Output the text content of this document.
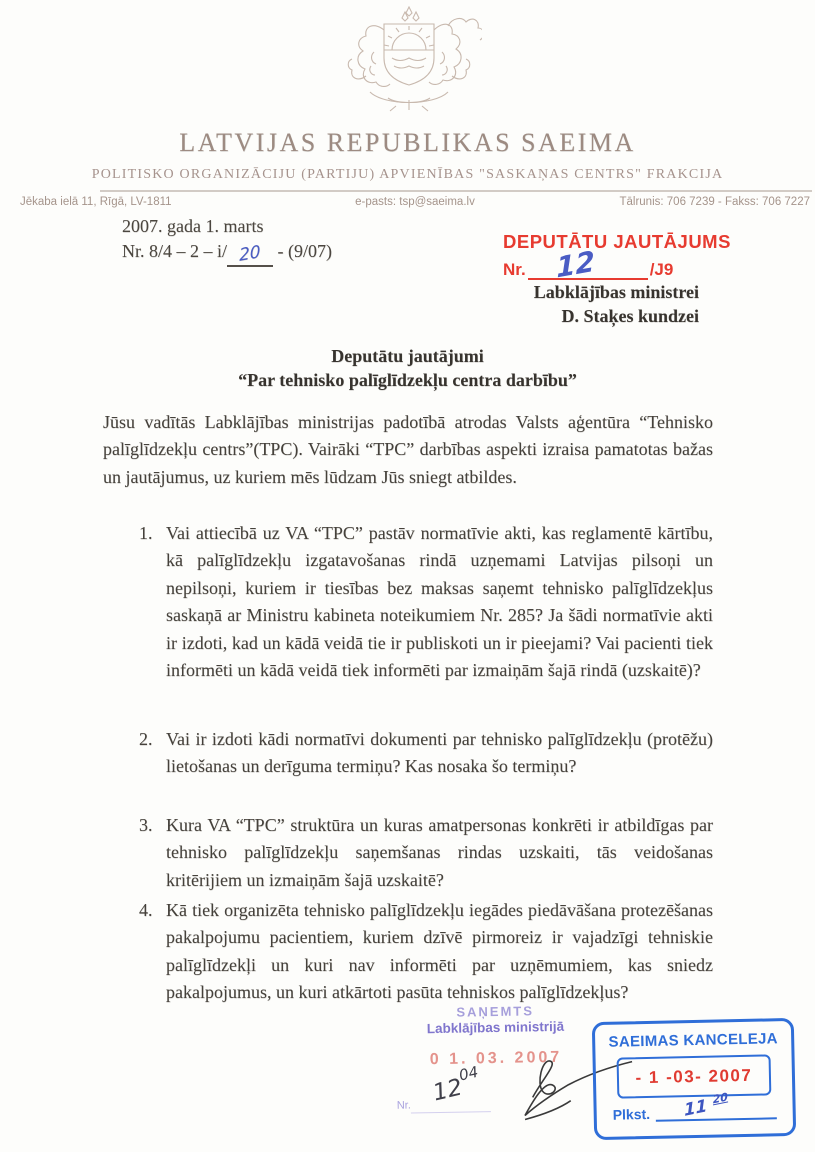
LATVIJAS REPUBLIKAS SAEIMA
POLITISKO ORGANIZĀCIJU (PARTIJU) APVIENĪBAS "SASKAŅAS CENTRS" FRAKCIJA
e-pasts: tsp@saeima.lv
Jēkaba ielā 11, Rīgā, LV-1811	Tālrunis: 706 7239 - Fakss: 706 7227
2007. gada 1. marts
Nr. 8/4 – 2 – i/ 20 - (9/07)	DEPUTĀTU JAUTĀJUMS
Nr. 12	/J9
Labklājības ministrei
D. Staķes kundzei
Deputātu jautājumi
“Par tehnisko palīglīdzekļu centra darbību”
Jūsu vadītās Labklājības ministrijas padotībā atrodas Valsts aģentūra “Tehnisko palīglīdzekļu centrs”(TPC). Vairāki “TPC” darbības aspekti izraisa pamatotas bažas un jautājumus, uz kuriem mēs lūdzam Jūs sniegt atbildes.
1. Vai attiecībā uz VA “TPC” pastāv normatīvie akti, kas reglamentē kārtību, kā palīglīdzekļu izgatavošanas rindā uzņemami Latvijas pilsoņi un nepilsoņi, kuriem ir tiesības bez maksas saņemt tehnisko palīglīdzekļus saskaņā ar Ministru kabineta noteikumiem Nr. 285? Ja šādi normatīvie akti ir izdoti, kad un kādā veidā tie ir publiskoti un ir pieejami? Vai pacienti tiek informēti un kādā veidā tiek informēti par izmaiņām šajā rindā (uzskaitē)?
2. Vai ir izdoti kādi normatīvi dokumenti par tehnisko palīglīdzekļu (protēžu) lietošanas un derīguma termiņu? Kas nosaka šo termiņu?
3. Kura VA “TPC” struktūra un kuras amatpersonas konkrēti ir atbildīgas par tehnisko palīglīdzekļu saņemšanas rindas uzskaiti, tās veidošanas kritērijiem un izmaiņām šajā uzskaitē?
4. Kā tiek organizēta tehnisko palīglīdzekļu iegādes piedāvāšana protezēšanas pakalpojumu pacientiem, kuriem dzīvē pirmoreiz ir vajadzīgi tehniskie palīglīdzekļi un kuri nav informēti par uzņēmumiem, kas sniedz pakalpojumus, un kuri atkārtoti pasūta tehniskos palīglīdzekļus?
SAŅEMTS
Labklājības ministrijā
0 1. 03. 2007
Nr. $12^{04}$
SAEIMAS KANCELEJA
- 1 -03- 2007
Plkst. 11 $^{20}$
